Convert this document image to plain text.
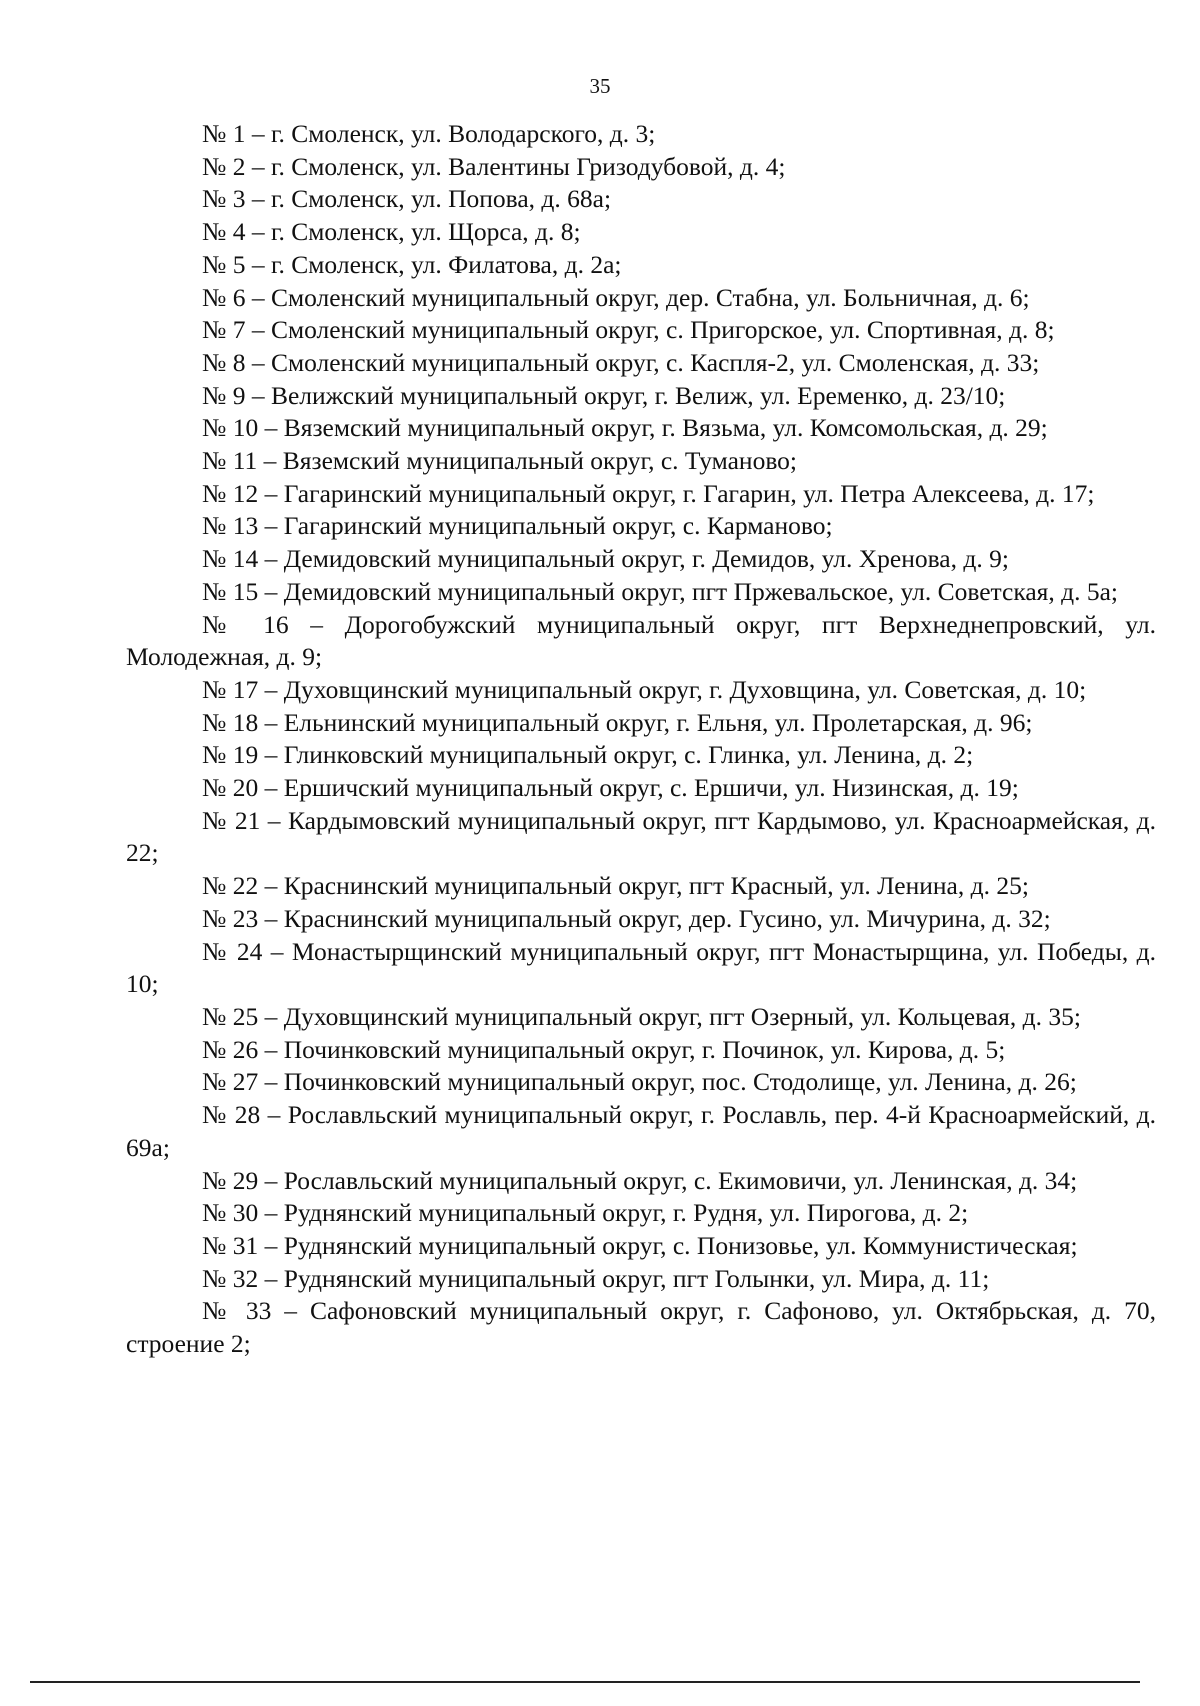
35

№ 1 – г. Смоленск, ул. Володарского, д. 3;

№ 2 – г. Смоленск, ул. Валентины Гризодубовой, д. 4;

№ 3 – г. Смоленск, ул. Попова, д. 68а;

№ 4 – г. Смоленск, ул. Щорса, д. 8;

№ 5 – г. Смоленск, ул. Филатова, д. 2а;

№ 6 – Смоленский муниципальный округ, дер. Стабна, ул. Больничная, д. 6;

№ 7 – Смоленский муниципальный округ, с. Пригорское, ул. Спортивная, д. 8;

№ 8 – Смоленский муниципальный округ, с. Каспля-2, ул. Смоленская, д. 33;

№ 9 – Велижский муниципальный округ, г. Велиж, ул. Еременко, д. 23/10;

№ 10 – Вяземский муниципальный округ, г. Вязьма, ул. Комсомольская, д. 29;

№ 11 – Вяземский муниципальный округ, с. Туманово;

№ 12 – Гагаринский муниципальный округ, г. Гагарин, ул. Петра Алексеева, д. 17;

№ 13 – Гагаринский муниципальный округ, с. Карманово;

№ 14 – Демидовский муниципальный округ, г. Демидов, ул. Хренова, д. 9;

№ 15 – Демидовский муниципальный округ, пгт Пржевальское, ул. Советская, д. 5а;

№ 16 – Дорогобужский муниципальный округ, пгт Верхнеднепровский, ул. Молодежная, д. 9;

№ 17 – Духовщинский муниципальный округ, г. Духовщина, ул. Советская, д. 10;

№ 18 – Ельнинский муниципальный округ, г. Ельня, ул. Пролетарская, д. 96;

№ 19 – Глинковский муниципальный округ, с. Глинка, ул. Ленина, д. 2;

№ 20 – Ершичский муниципальный округ, с. Ершичи, ул. Низинская, д. 19;

№ 21 – Кардымовский муниципальный округ, пгт Кардымово, ул. Красноармейская, д. 22;

№ 22 – Краснинский муниципальный округ, пгт Красный, ул. Ленина, д. 25;

№ 23 – Краснинский муниципальный округ, дер. Гусино, ул. Мичурина, д. 32;

№ 24 – Монастырщинский муниципальный округ, пгт Монастырщина, ул. Победы, д. 10;

№ 25 – Духовщинский муниципальный округ, пгт Озерный, ул. Кольцевая, д. 35;

№ 26 – Починковский муниципальный округ, г. Починок, ул. Кирова, д. 5;

№ 27 – Починковский муниципальный округ, пос. Стодолище, ул. Ленина, д. 26;

№ 28 – Рославльский муниципальный округ, г. Рославль, пер. 4-й Красноармейский, д. 69а;

№ 29 – Рославльский муниципальный округ, с. Екимовичи, ул. Ленинская, д. 34;

№ 30 – Руднянский муниципальный округ, г. Рудня, ул. Пирогова, д. 2;

№ 31 – Руднянский муниципальный округ, с. Понизовье, ул. Коммунистическая;

№ 32 – Руднянский муниципальный округ, пгт Голынки, ул. Мира, д. 11;

№ 33 – Сафоновский муниципальный округ, г. Сафоново, ул. Октябрьская, д. 70, строение 2;
